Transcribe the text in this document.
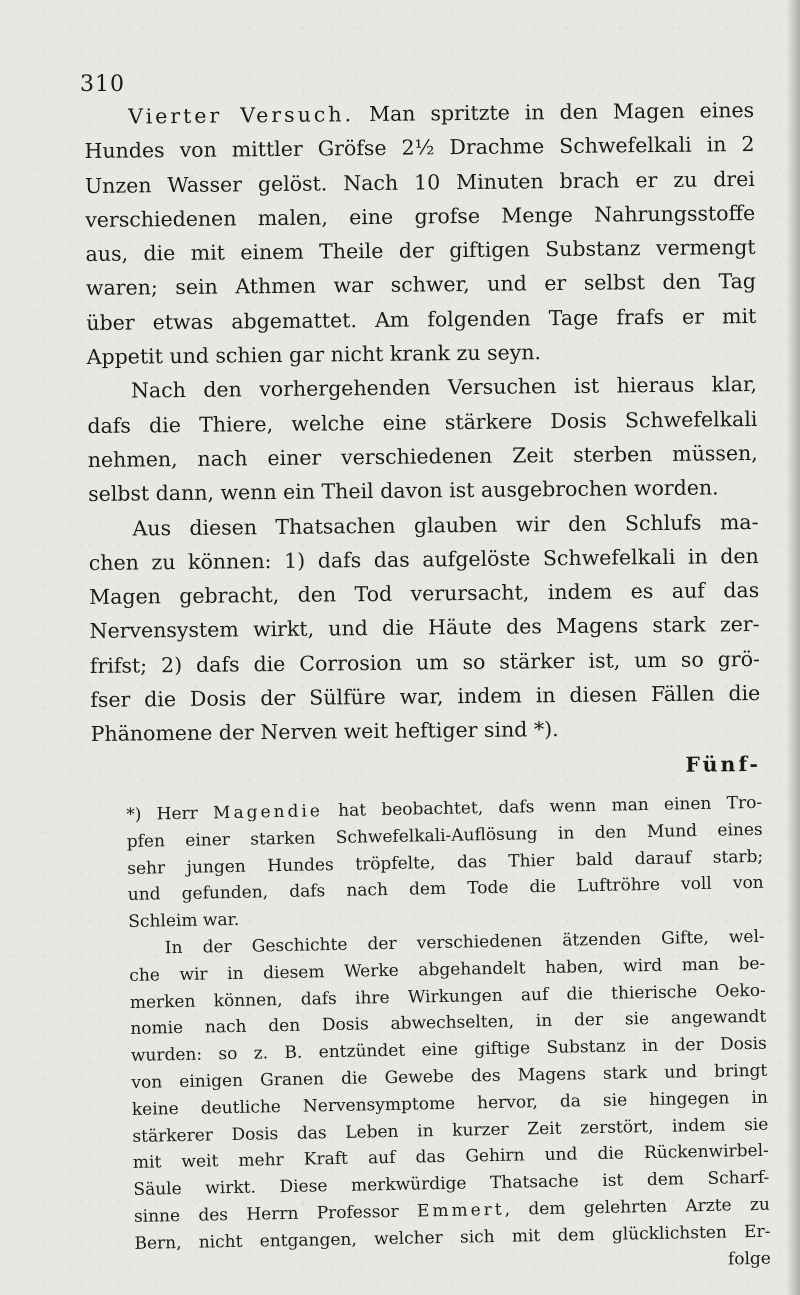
310

Vierter Versuch. Man spritzte in den Magen eines

Hundes von mittler Gröfse 2½ Drachme Schwefelkali in 2

Unzen Wasser gelöst. Nach 10 Minuten brach er zu drei

verschiedenen malen, eine grofse Menge Nahrungsstoffe

aus, die mit einem Theile der giftigen Substanz vermengt

waren; sein Athmen war schwer, und er selbst den Tag

über etwas abgemattet. Am folgenden Tage frafs er mit

Appetit und schien gar nicht krank zu seyn.

Nach den vorhergehenden Versuchen ist hieraus klar,

dafs die Thiere, welche eine stärkere Dosis Schwefelkali

nehmen, nach einer verschiedenen Zeit sterben müssen,

selbst dann, wenn ein Theil davon ist ausgebrochen worden.

Aus diesen Thatsachen glauben wir den Schlufs ma-

chen zu können: 1) dafs das aufgelöste Schwefelkali in den

Magen gebracht, den Tod verursacht, indem es auf das

Nervensystem wirkt, und die Häute des Magens stark zer-

frifst; 2) dafs die Corrosion um so stärker ist, um so grö-

fser die Dosis der Sülfüre war, indem in diesen Fällen die

Phänomene der Nerven weit heftiger sind *).

Fünf-

*) Herr Magendie hat beobachtet, dafs wenn man einen Tro-

pfen einer starken Schwefelkali-Auflösung in den Mund eines

sehr jungen Hundes tröpfelte, das Thier bald darauf starb;

und gefunden, dafs nach dem Tode die Luftröhre voll von

Schleim war.

In der Geschichte der verschiedenen ätzenden Gifte, wel-

che wir in diesem Werke abgehandelt haben, wird man be-

merken können, dafs ihre Wirkungen auf die thierische Oeko-

nomie nach den Dosis abwechselten, in der sie angewandt

wurden: so z. B. entzündet eine giftige Substanz in der Dosis

von einigen Granen die Gewebe des Magens stark und bringt

keine deutliche Nervensymptome hervor, da sie hingegen in

stärkerer Dosis das Leben in kurzer Zeit zerstört, indem sie

mit weit mehr Kraft auf das Gehirn und die Rückenwirbel-

Säule wirkt. Diese merkwürdige Thatsache ist dem Scharf-

sinne des Herrn Professor Emmert, dem gelehrten Arzte zu

Bern, nicht entgangen, welcher sich mit dem glücklichsten Er-

folge
